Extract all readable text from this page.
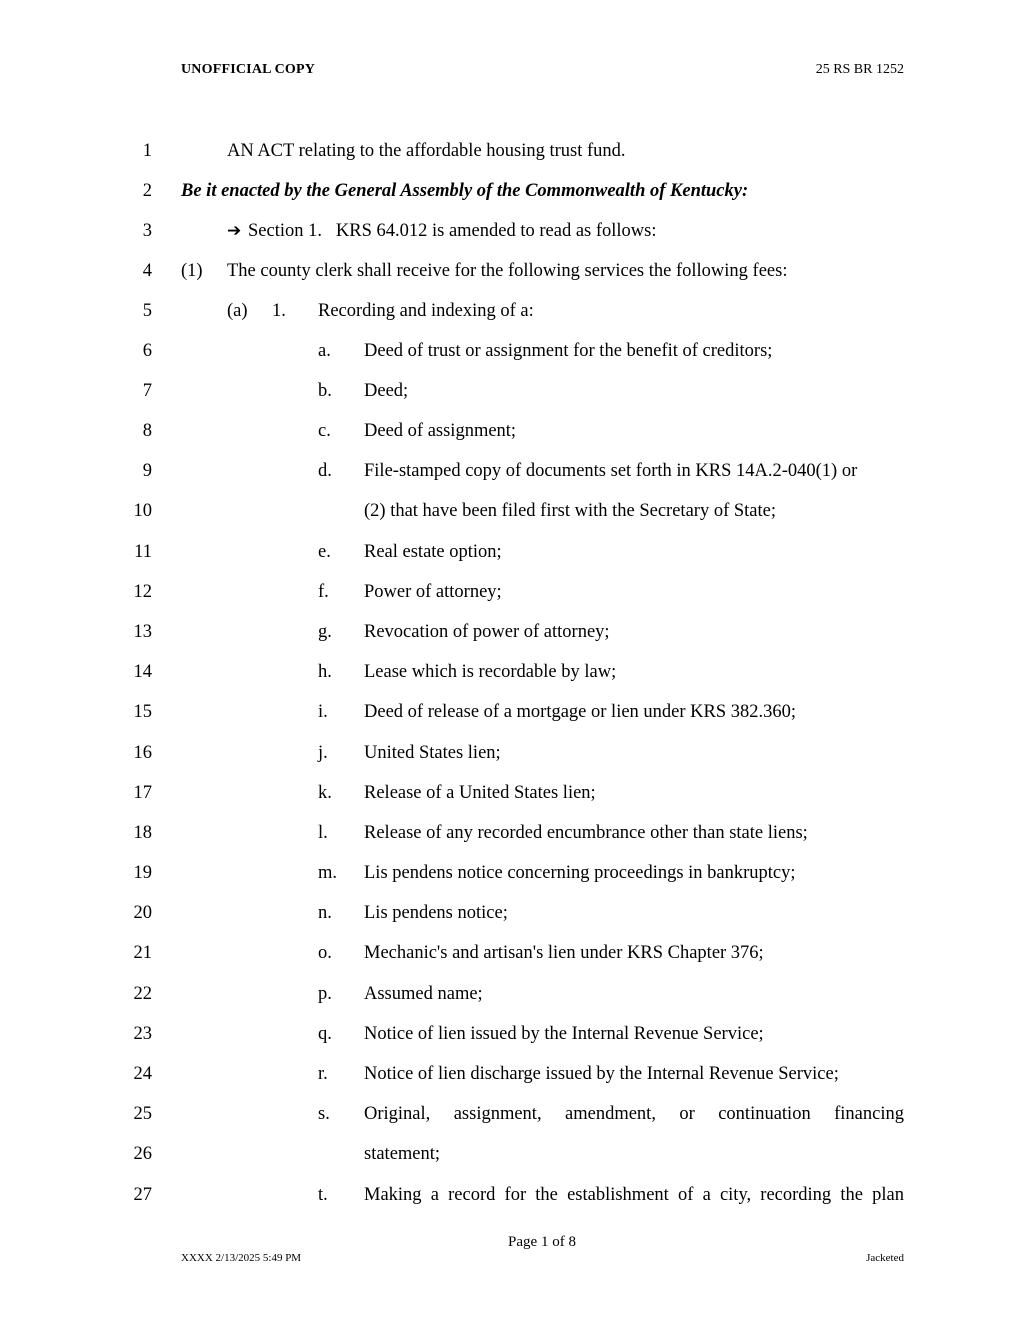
UNOFFICIAL COPY	25 RS BR 1252
1	AN ACT relating to the affordable housing trust fund.
2 Be it enacted by the General Assembly of the Commonwealth of Kentucky:
3	➔ Section 1.   KRS 64.012 is amended to read as follows:
4 (1) The county clerk shall receive for the following services the following fees:
5	(a) 1. Recording and indexing of a:
6	a. Deed of trust or assignment for the benefit of creditors;
7	b. Deed;
8	c. Deed of assignment;
9	d. File-stamped copy of documents set forth in KRS 14A.2-040(1) or
10	(2) that have been filed first with the Secretary of State;
11	e. Real estate option;
12	f. Power of attorney;
13	g. Revocation of power of attorney;
14	h. Lease which is recordable by law;
15	i. Deed of release of a mortgage or lien under KRS 382.360;
16	j. United States lien;
17	k. Release of a United States lien;
18	l. Release of any recorded encumbrance other than state liens;
19	m. Lis pendens notice concerning proceedings in bankruptcy;
20	n. Lis pendens notice;
21	o. Mechanic's and artisan's lien under KRS Chapter 376;
22	p. Assumed name;
23	q. Notice of lien issued by the Internal Revenue Service;
24	r. Notice of lien discharge issued by the Internal Revenue Service;
25	s. Original, assignment, amendment, or continuation financing
26	statement;
27	t. Making a record for the establishment of a city, recording the plan
Page 1 of 8
XXXX 2/13/2025 5:49 PM	Jacketed
